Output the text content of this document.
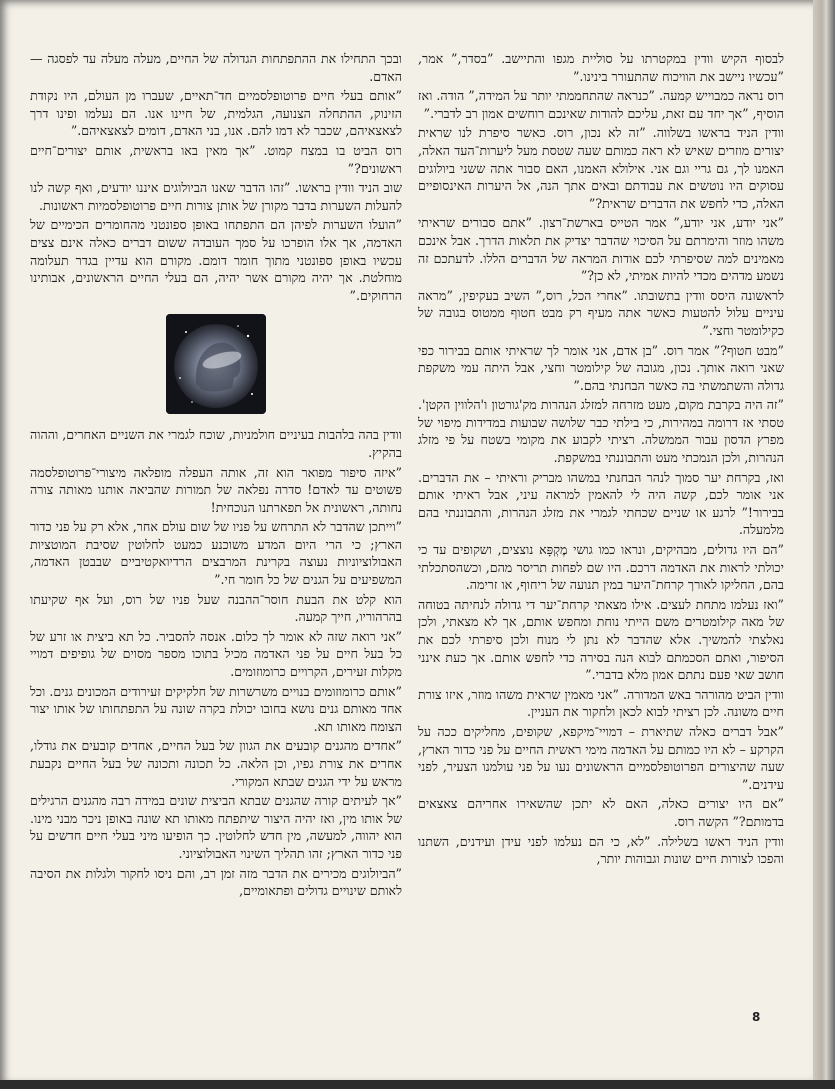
ובכך התחילו את ההתפתחות הגדולה של החיים, מעלה מעלה עד לפסגה — האדם.

”אותם בעלי חיים פרוטופלסמיים חד־תאיים, שעברו מן העולם, היו נקודת הזינוק, ההתחלה הצנועה, הגלמית, של חיינו אנו. הם נעלמו ופינו דרך לצאצאיהם, שכבר לא דמו להם. אנו, בני האדם, דומים לצאצאיהם.”

רוס הביט בו במצח קמוט. ”אך מאין באו בראשית, אותם יצורים־חיים ראשונים?”

שוב הניד וודין בראשו. ”זהו הדבר שאנו הביולוגים איננו יודעים, ואף קשה לנו להעלות השערות בדבר מקורן של אותן צורות חיים פרוטופלסמיות ראשונות.

”הועלו השערות לפיהן הם התפתחו באופן ספונטני מהחומרים הכימיים של האדמה, אך אלו הופרכו על סמך העובדה ששום דברים כאלה אינם צצים עכשיו באופן ספונטני מתוך חומר דומם. מקורם הוא עדיין בגדר תעלומה מוחלטת. אך יהיה מקורם אשר יהיה, הם בעלי החיים הראשונים, אבותינו הרחוקים.”

וודין בהה בלהבות בעיניים חולמניות, שוכח לגמרי את השניים האחרים, וההוה בהקיץ.

”איזה סיפור מפואר הוא זה, אותה העפלה מופלאה מיצורי־פרוטופלסמה פשוטים עד לאדם! סדרה נפלאה של תמורות שהביאה אותנו מאותה צורה נחותה, ראשונית אל תפארתנו הנוכחית!

”וייתכן שהדבר לא התרחש על פניו של שום עולם אחר, אלא רק על פני כדור הארץ; כי הרי היום המדע משוכנע כמעט לחלוטין שסיבת המוטציות האבולוציוניות נעוצה בקרינת המרבצים הרדיואקטיביים שבבטן האדמה, המשפיעים על הגנים של כל חומר חי.”

הוא קלט את הבעת חוסר־ההבנה שעל פניו של רוס, ועל אף שקיעתו בהרהוריו, חייך קמעה.

”אני רואה שזה לא אומר לך כלום. אנסה להסביר. כל תא ביצית או זרע של כל בעל חיים על פני האדמה מכיל בתוכו מספר מסוים של גופיפים דמויי מקלות זעירים, הקרויים כרומוזומים.

”אותם כרומוזומים בנויים משרשרות של חלקיקים זעירודים המכונים גנים. וכל אחד מאותם גנים נושא בחובו יכולת בקרה שונה על התפתחותו של אותו יצור הצומח מאותו תא.

”אחדים מהגנים קובעים את הגוון של בעל החיים, אחדים קובעים את גודלו, אחרים את צורת גפיו, וכן הלאה. כל תכונה ותכונה של בעל החיים נקבעת מראש על ידי הגנים שבתא המקורי.

”אך לעיתים קורה שהגנים שבתא הביצית שונים במידה רבה מהגנים הרגילים של אותו מין, ואז יהיה היצור שיתפתח מאותו תא שונה באופן ניכר מבני מינו. הוא יהווה, למעשה, מין חדש לחלוטין. כך הופיעו מיני בעלי חיים חדשים על פני כדור הארץ; זהו תהליך השינוי האבולוציוני.

”הביולוגים מכירים את הדבר מזה זמן רב, והם ניסו לחקור ולגלות את הסיבה לאותם שינויים גדולים ופתאומיים,

לבסוף הקיש וודין במקטרתו על סוליית מגפו והתיישב. ”בסדר,” אמר, ”עכשיו ניישב את הוויכוח שהתעורר בינינו.”

רוס נראה כמבוייש קמעה. ”כנראה שהתחממתי יותר על המידה,” הודה. ואז הוסיף, ”אך יחד עם זאת, עליכם להודות שאינכם רוחשים אמון רב לדברי.”

וודין הניד בראשו בשלווה. ”זה לא נכון, רוס. כאשר סיפרת לנו שראית יצורים מוזרים שאיש לא ראה כמותם שעה שטסת מעל ליערות־העד האלה, האמנו לך, גם גריי וגם אני. אילולא האמנו, האם סבור אתה ששני ביולוגים עסוקים היו נוטשים את עבודתם ובאים אתך הנה, אל היערות האינסופיים האלה, כדי לחפש את הדברים שראית?”

”אני יודע, אני יודע,” אמר הטייס בארשת־רצון. ”אתם סבורים שראיתי משהו מוזר והימרתם על הסיכוי שהדבר יצדיק את תלאות הדרך. אבל אינכם מאמינים למה שסיפרתי לכם אודות המראה של הדברים הללו. לדעתכם זה נשמע מדהים מכדי להיות אמיתי, לא כן?”

לראשונה היסס וודין בתשובתו. ”אחרי הכל, רוס,” השיב בעקיפין, ”מראה עיניים עלול להטעות כאשר אתה מעיף רק מבט חטוף ממטוס בגובה של כקילומטר וחצי.”

”מבט חטוף?” אמר רוס. ”בן אדם, אני אומר לך שראיתי אותם בבירור כפי שאני רואה אותך. נכון, מגובה של קילומטר וחצי, אבל היתה עמי משקפת גדולה והשתמשתי בה כאשר הבחנתי בהם.”

”זה היה בקרבת מקום, מעט מזרחה למזלג הנהרות מק'גורטון ו'הלווין הקטן'. טסתי אז דרומה במהירות, כי בילתי כבר שלושה שבועות במדידות מיפוי של מפרץ הדסון עבור הממשלה. רציתי לקבוע את מקומי בשטח על פי מזלג הנהרות, ולכן הנמכתי מעט והתבוננתי במשקפת.

ואז, בקרחת יער סמוך לנהר הבחנתי במשהו מבריק וראיתי – את הדברים. אני אומר לכם, קשה היה לי להאמין למראה עיני, אבל ראיתי אותם בבירור!” לרגע או שניים שכחתי לגמרי את מזלג הנהרות, והתבוננתי בהם מלמעלה.

”הם היו גדולים, מבהיקים, ונראו כמו גושי מֶקְפָּא נוצצים, ושקופים עד כי יכולתי לראות את האדמה דרכם. היו שם לפחות תריסר מהם, וכשהסתכלתי בהם, החליקו לאורך קרחת־היער במין תנועה של ריחוף, או זרימה.

”ואז נעלמו מתחת לעצים. אילו מצאתי קרחת־יער די גדולה לנחיתה בטוחה של מאה קילומטרים משם הייתי נוחת ומחפש אותם, אך לא מצאתי, ולכן נאלצתי להמשיך. אלא שהדבר לא נתן לי מנוח ולכן סיפרתי לכם את הסיפור, ואתם הסכמתם לבוא הנה בסירה כדי לחפש אותם. אך כעת אינני חושב שאי פעם נתתם אמון מלא בדברי.”

וודין הביט מהורהר באש המדורה. ”אני מאמין שראית משהו מוזר, איזו צורת חיים משונה. לכן רציתי לבוא לכאן ולחקור את העניין.

”אבל דברים כאלה שתיארת – דמויי־מיקפא, שקופים, מחליקים ככה על הקרקע – לא היו כמותם על האדמה מימי ראשית החיים על פני כדור הארץ, שעה שהיצורים הפרוטופלסמיים הראשונים נעו על פני עולמנו הצעיר, לפני עידנים.”

”אם היו יצורים כאלה, האם לא יתכן שהשאירו אחריהם צאצאים בדמותם?” הקשה רוס.

וודין הניד ראשו בשלילה. ”לא, כי הם נעלמו לפני עידן ועידנים, השתנו והפכו לצורות חיים שונות וגבוהות יותר,

8
